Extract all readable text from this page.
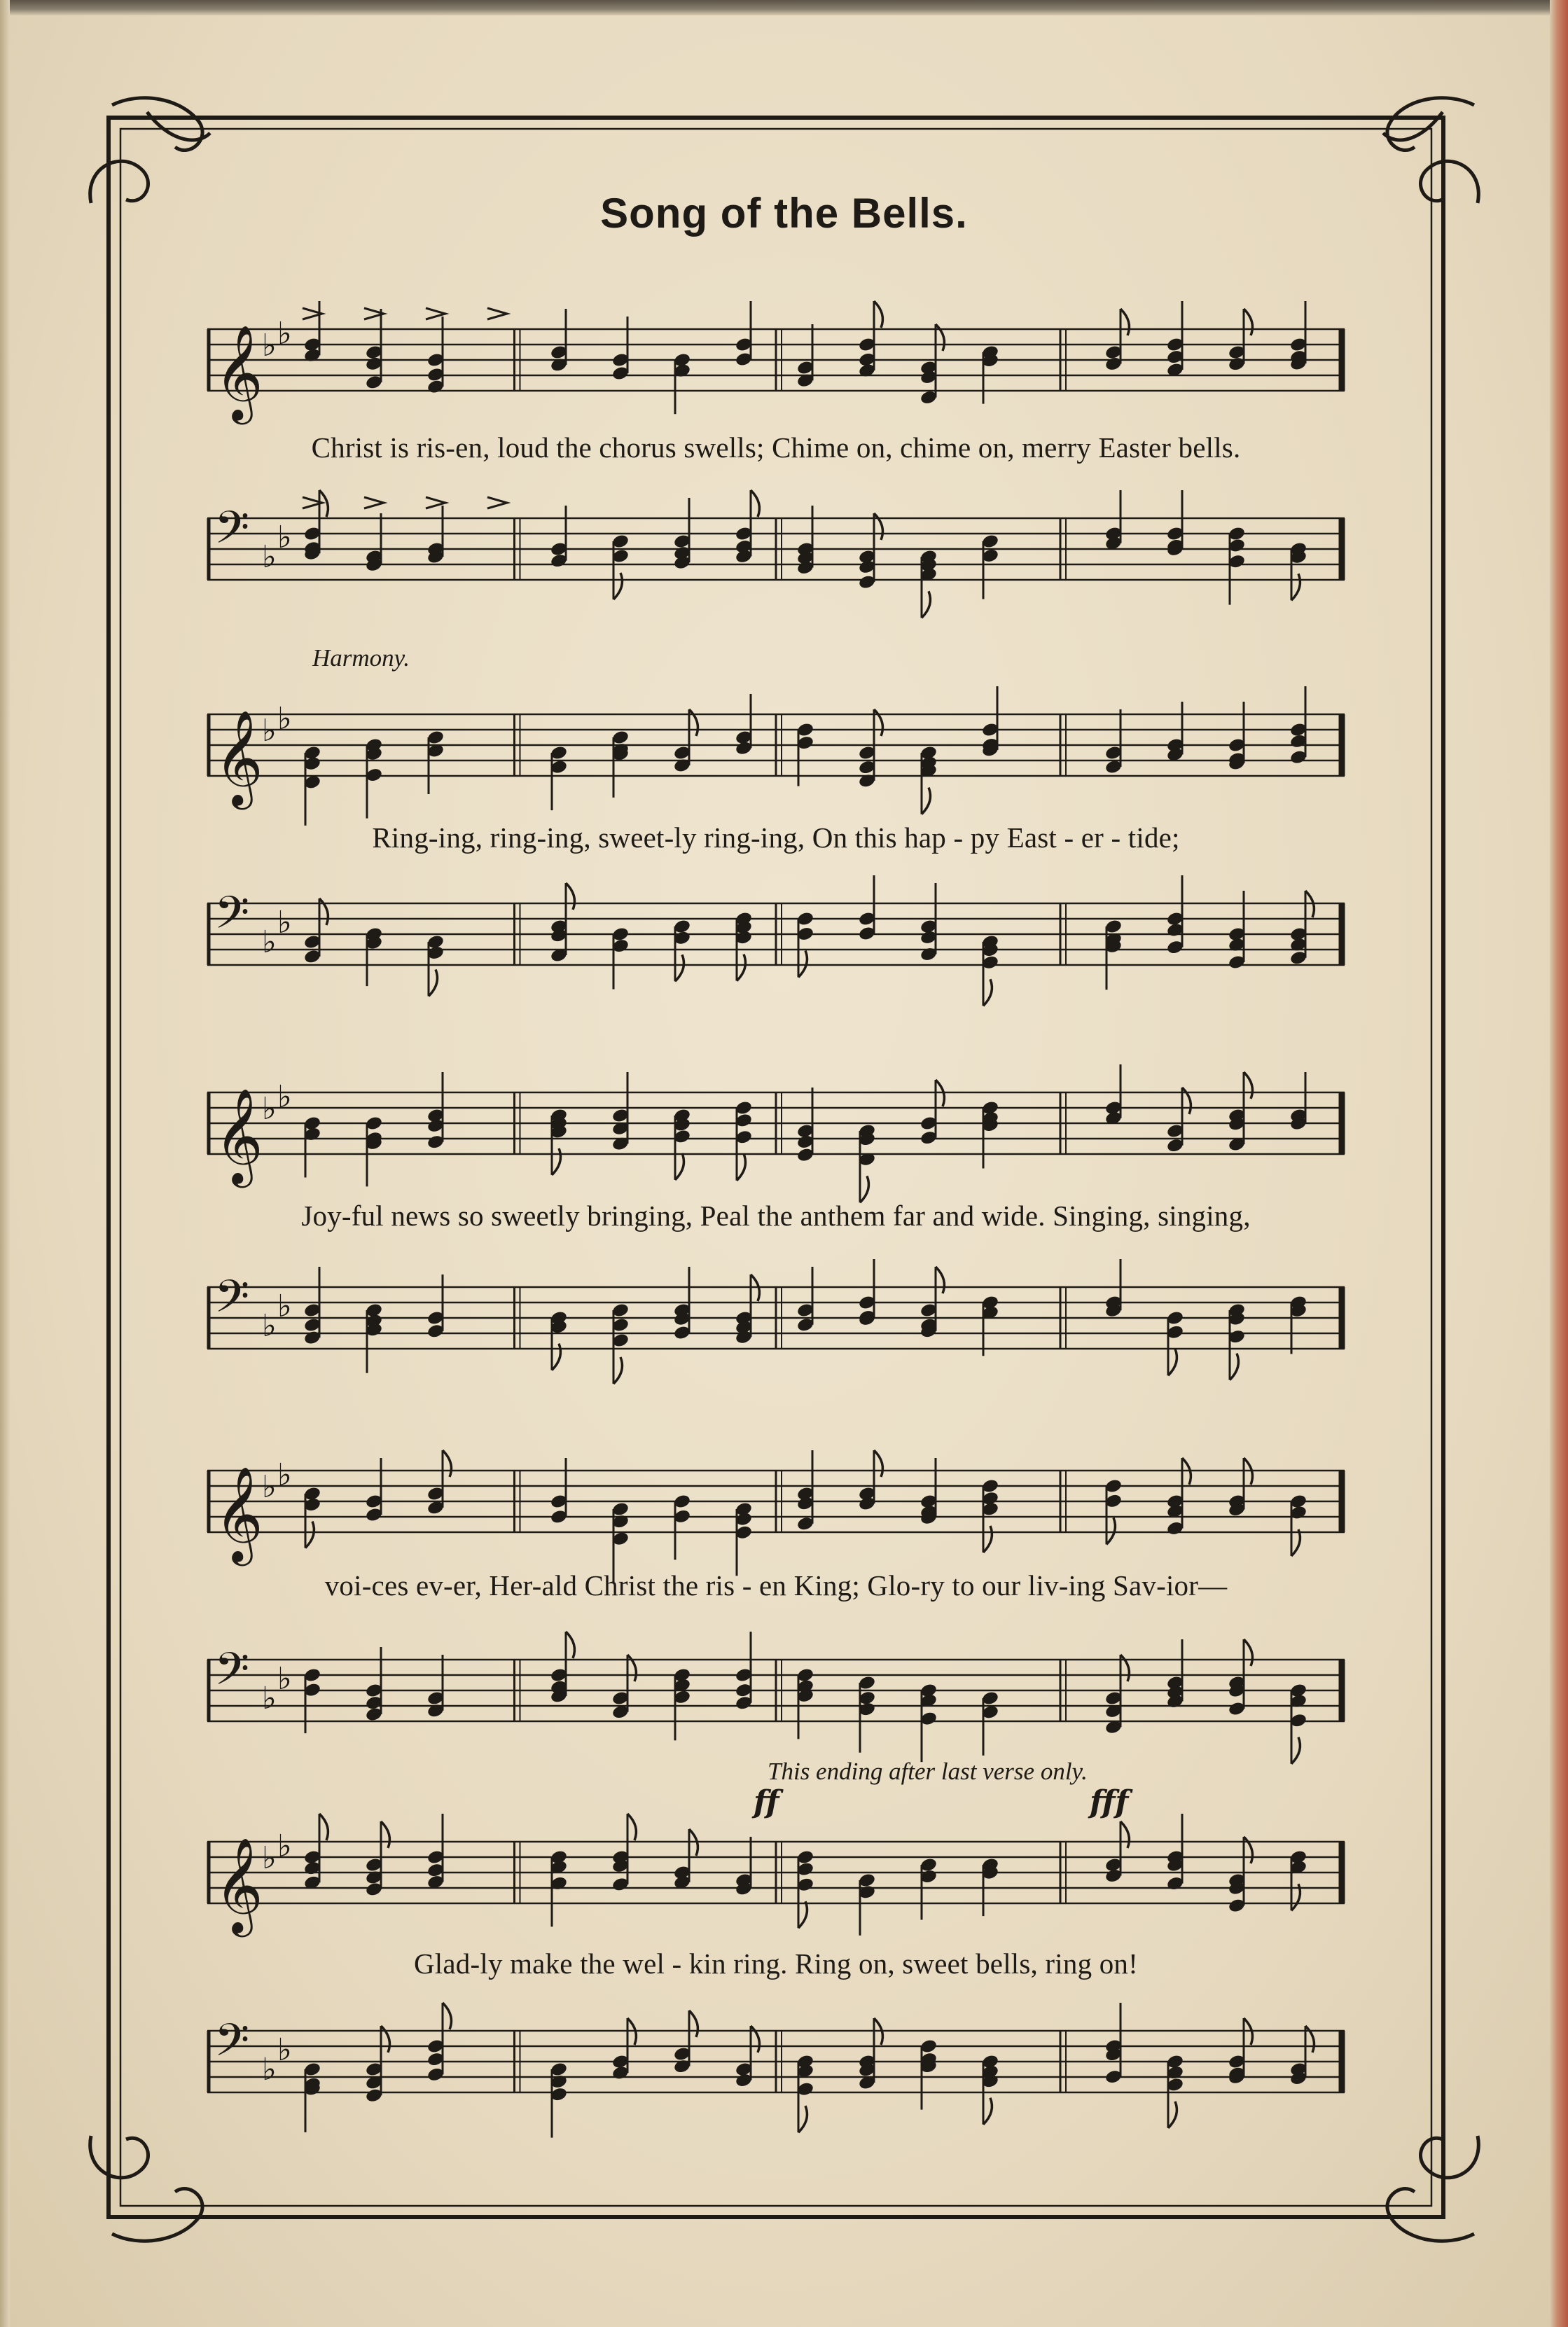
Song of the Bells.
𝄞
♭ ♭
Christ is ris-en, loud the chorus swells; Chime on, chime on, merry Easter bells.
𝄢 ♭
♭
Harmony.
𝄞
♭ ♭
Ring-ing, ring-ing, sweet-ly ring-ing, On this hap - py East - er - tide;
𝄢 ♭
♭
𝄞
♭ ♭
Joy-ful news so sweetly bringing, Peal the anthem far and wide. Singing, singing,
𝄢 ♭
♭
𝄞
♭ ♭
voi-ces ev-er, Her-ald Christ the ris - en King; Glo-ry to our liv-ing Sav-ior—
𝄢 ♭
♭
This ending after last verse only.
ff	fff
𝄞
♭ ♭
Glad-ly make the wel - kin ring. Ring on, sweet bells, ring on!
𝄢 ♭
♭
